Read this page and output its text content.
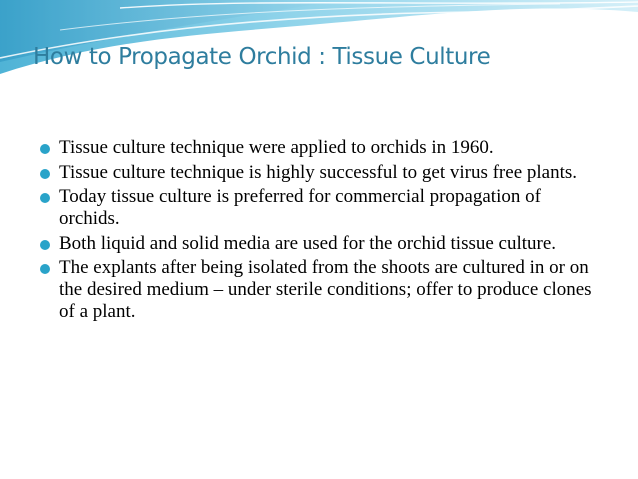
How to Propagate Orchid : Tissue Culture
Tissue culture technique were applied to orchids in 1960.
Tissue culture technique is highly successful to get virus free plants.
Today tissue culture is preferred for commercial propagation of orchids.
Both liquid and solid media are used for the orchid tissue culture.
The explants after being isolated from the shoots are cultured in or on the desired medium – under sterile conditions; offer to produce clones of a plant.
